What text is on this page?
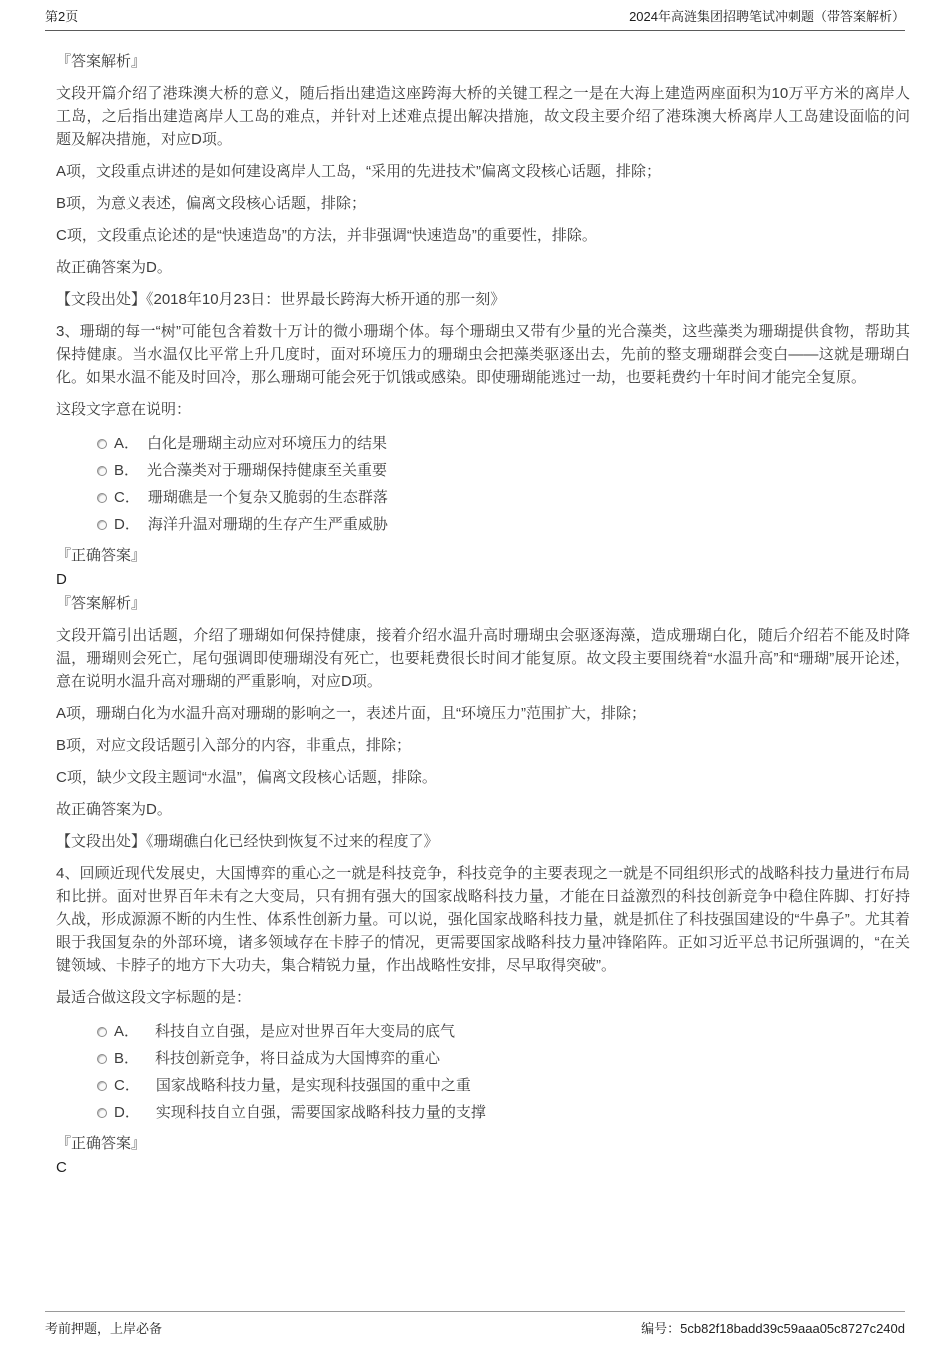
第2页	2024年高涟集团招聘笔试冲刺题（带答案解析）
『答案解析』
文段开篇介绍了港珠澳大桥的意义，随后指出建造这座跨海大桥的关键工程之一是在大海上建造两座面积为10万平方米的离岸人工岛，之后指出建造离岸人工岛的难点，并针对上述难点提出解决措施，故文段主要介绍了港珠澳大桥离岸人工岛建设面临的问题及解决措施，对应D项。
A项，文段重点讲述的是如何建设离岸人工岛，“采用的先进技术”偏离文段核心话题，排除；
B项，为意义表述，偏离文段核心话题，排除；
C项，文段重点论述的是“快速造岛”的方法，并非强调“快速造岛”的重要性，排除。
故正确答案为D。
【文段出处】《2018年10月23日：世界最长跨海大桥开通的那一刻》
3、珊瑚的每一“树”可能包含着数十万计的微小珊瑚个体。每个珊瑚虫又带有少量的光合藻类，这些藻类为珊瑚提供食物，帮助其保持健康。当水温仅比平常上升几度时，面对环境压力的珊瑚虫会把藻类驱逐出去，先前的整支珊瑚群会变白——这就是珊瑚白化。如果水温不能及时回冷，那么珊瑚可能会死于饥饿或感染。即使珊瑚能逃过一劫，也要耗费约十年时间才能完全复原。
这段文字意在说明：
A． 白化是珊瑚主动应对环境压力的结果
B． 光合藻类对于珊瑚保持健康至关重要
C． 珊瑚礁是一个复杂又脆弱的生态群落
D． 海洋升温对珊瑚的生存产生严重威胁
『正确答案』
D
『答案解析』
文段开篇引出话题，介绍了珊瑚如何保持健康，接着介绍水温升高时珊瑚虫会驱逐海藻，造成珊瑚白化，随后介绍若不能及时降温，珊瑚则会死亡，尾句强调即使珊瑚没有死亡，也要耗费很长时间才能复原。故文段主要围绕着“水温升高”和“珊瑚”展开论述，意在说明水温升高对珊瑚的严重影响，对应D项。
A项，珊瑚白化为水温升高对珊瑚的影响之一，表述片面，且“环境压力”范围扩大，排除；
B项，对应文段话题引入部分的内容，非重点，排除；
C项，缺少文段主题词“水温”，偏离文段核心话题，排除。
故正确答案为D。
【文段出处】《珊瑚礁白化已经快到恢复不过来的程度了》
4、回顾近现代发展史，大国博弈的重心之一就是科技竞争，科技竞争的主要表现之一就是不同组织形式的战略科技力量进行布局和比拼。面对世界百年未有之大变局，只有拥有强大的国家战略科技力量，才能在日益激烈的科技创新竞争中稳住阵脚、打好持久战，形成源源不断的内生性、体系性创新力量。可以说，强化国家战略科技力量，就是抓住了科技强国建设的“牛鼻子”。尤其着眼于我国复杂的外部环境，诸多领域存在卡脖子的情况，更需要国家战略科技力量冲锋陷阵。正如习近平总书记所强调的，“在关键领域、卡脖子的地方下大功夫，集合精锐力量，作出战略性安排，尽早取得突破”。
最适合做这段文字标题的是：
A． 科技自立自强，是应对世界百年大变局的底气
B． 科技创新竞争，将日益成为大国博弈的重心
C． 国家战略科技力量，是实现科技强国的重中之重
D． 实现科技自立自强，需要国家战略科技力量的支撑
『正确答案』
C
考前押题，上岸必备	编号：5cb82f18badd39c59aaa05c8727c240d
